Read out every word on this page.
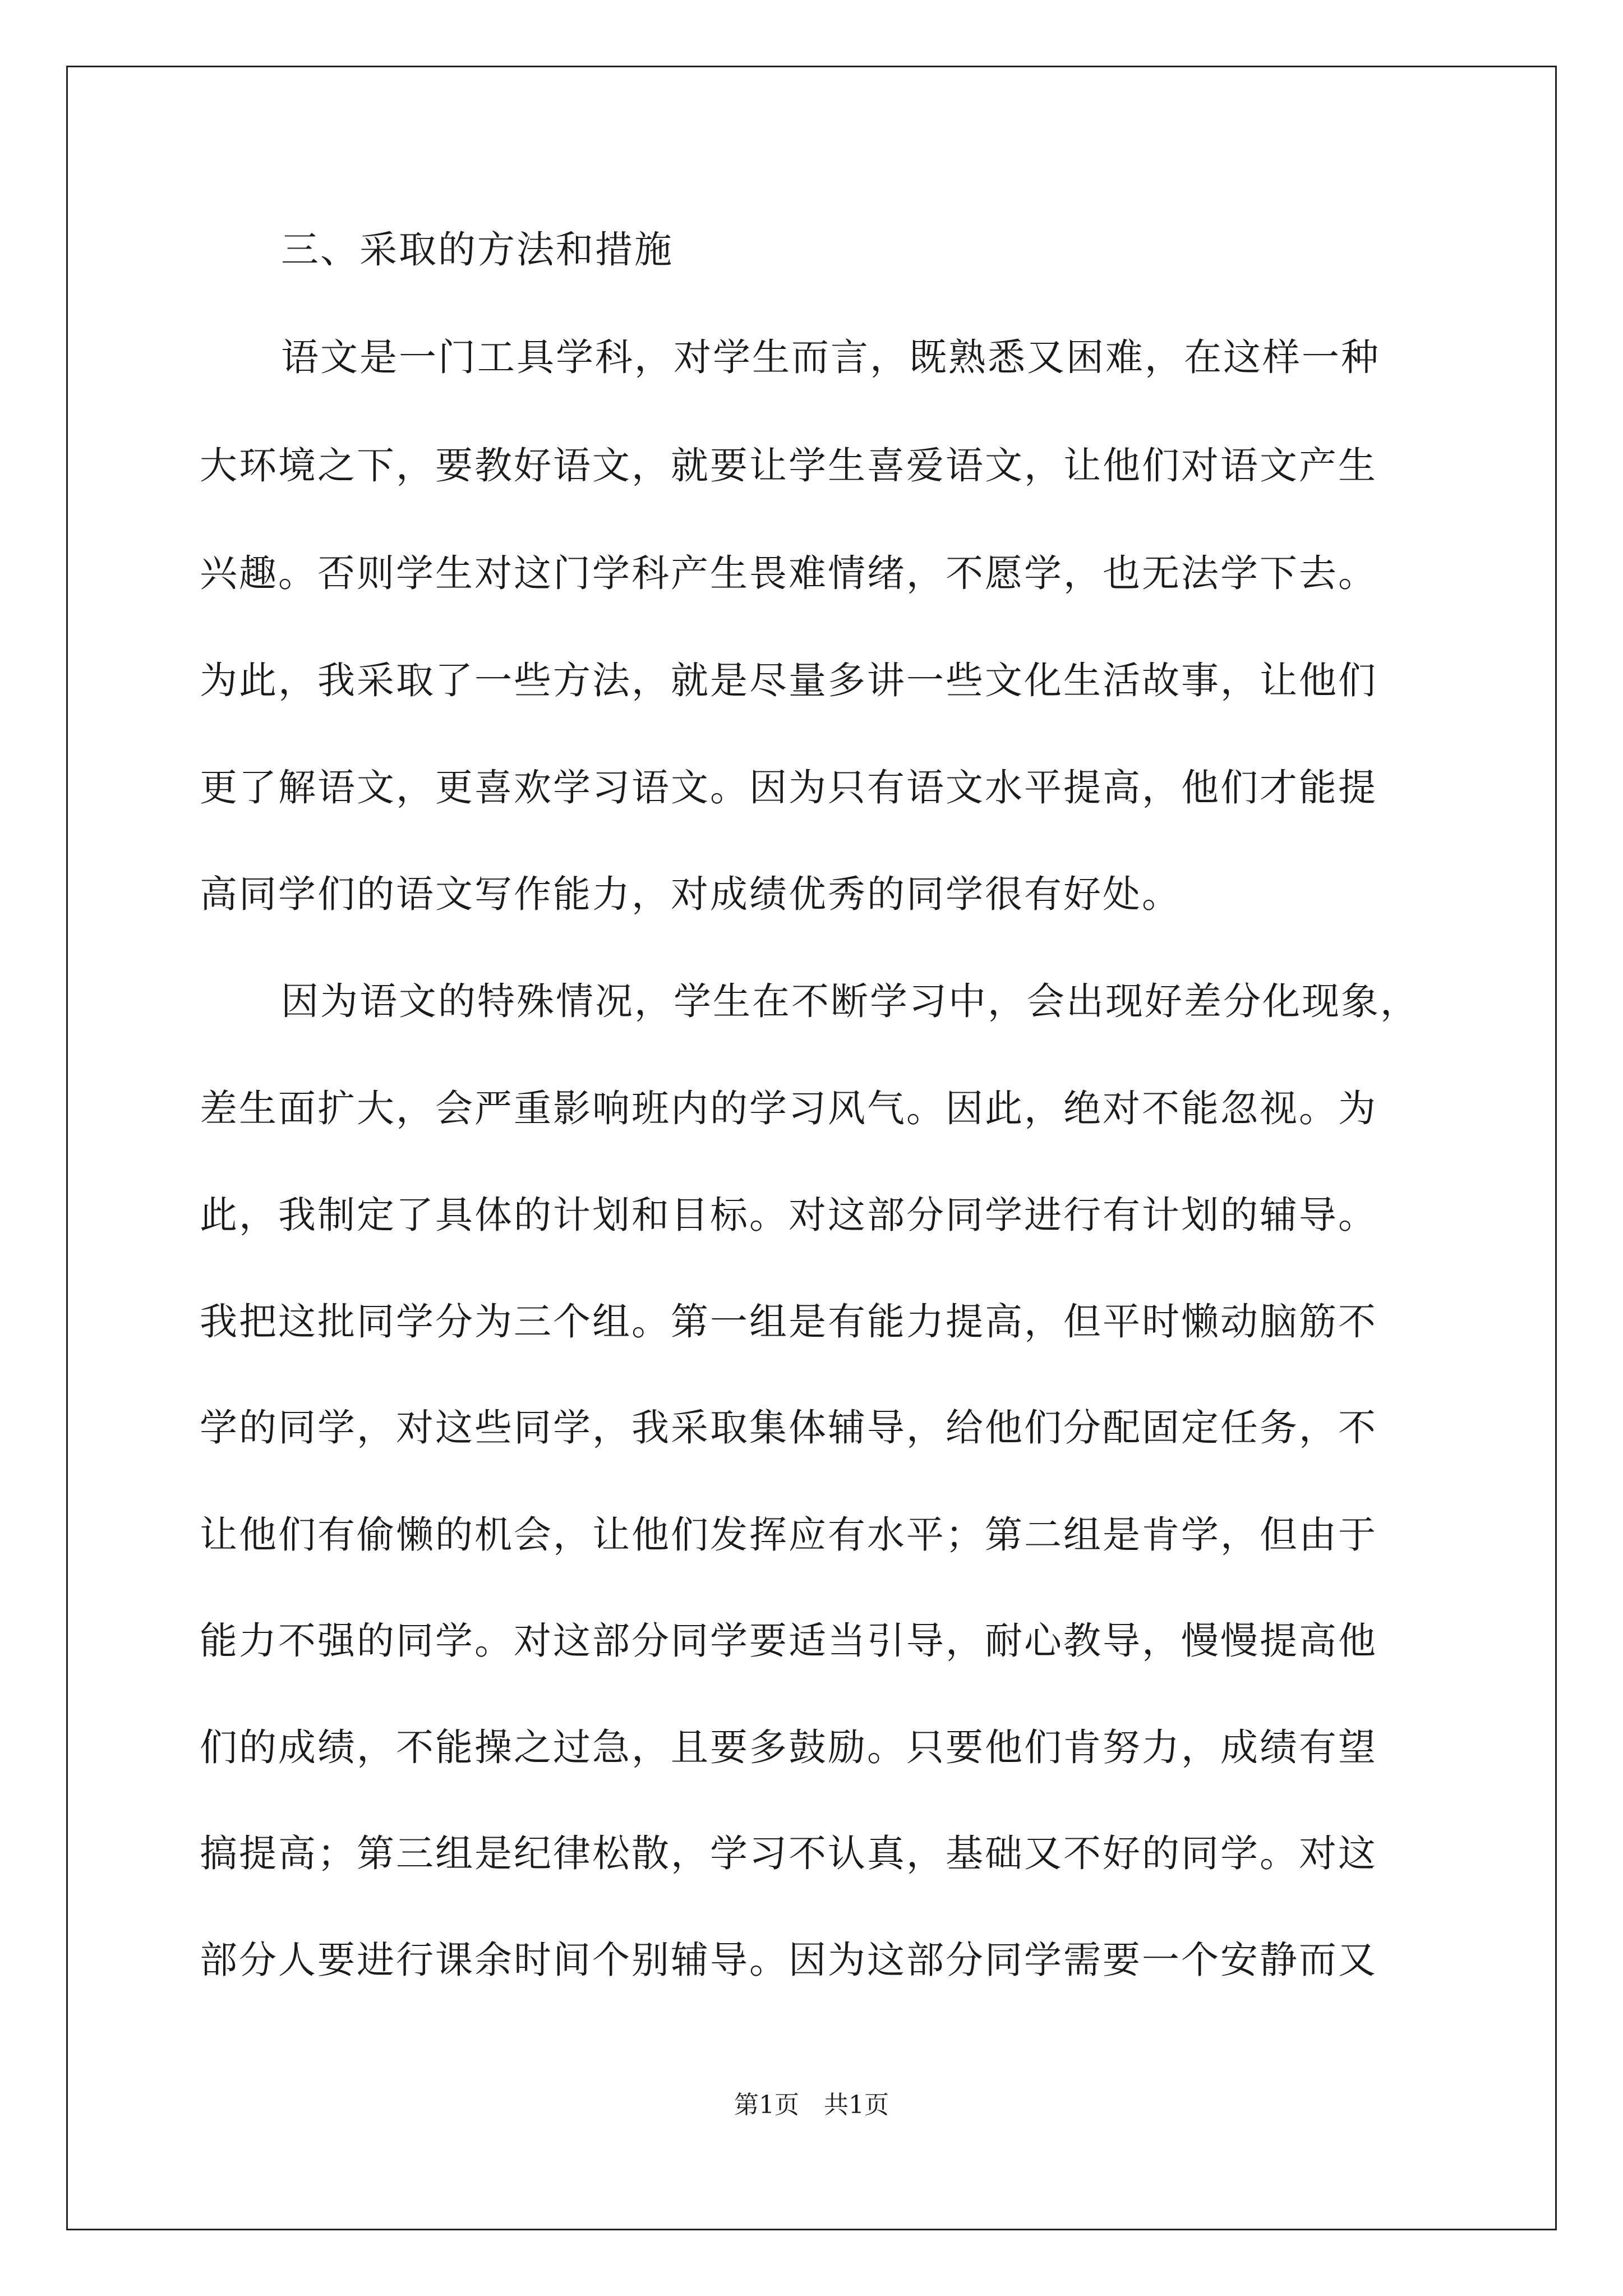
三、采取的方法和措施
语文是一门工具学科，对学生而言，既熟悉又困难，在这样一种
大环境之下，要教好语文，就要让学生喜爱语文，让他们对语文产生
兴趣。否则学生对这门学科产生畏难情绪，不愿学，也无法学下去。
为此，我采取了一些方法，就是尽量多讲一些文化生活故事，让他们
更了解语文，更喜欢学习语文。因为只有语文水平提高，他们才能提
高同学们的语文写作能力，对成绩优秀的同学很有好处。
因为语文的特殊情况，学生在不断学习中，会出现好差分化现象，
差生面扩大，会严重影响班内的学习风气。因此，绝对不能忽视。为
此，我制定了具体的计划和目标。对这部分同学进行有计划的辅导。
我把这批同学分为三个组。第一组是有能力提高，但平时懒动脑筋不
学的同学，对这些同学，我采取集体辅导，给他们分配固定任务，不
让他们有偷懒的机会，让他们发挥应有水平；第二组是肯学，但由于
能力不强的同学。对这部分同学要适当引导，耐心教导，慢慢提高他
们的成绩，不能操之过急，且要多鼓励。只要他们肯努力，成绩有望
搞提高；第三组是纪律松散，学习不认真，基础又不好的同学。对这
部分人要进行课余时间个别辅导。因为这部分同学需要一个安静而又
第1页　共1页
